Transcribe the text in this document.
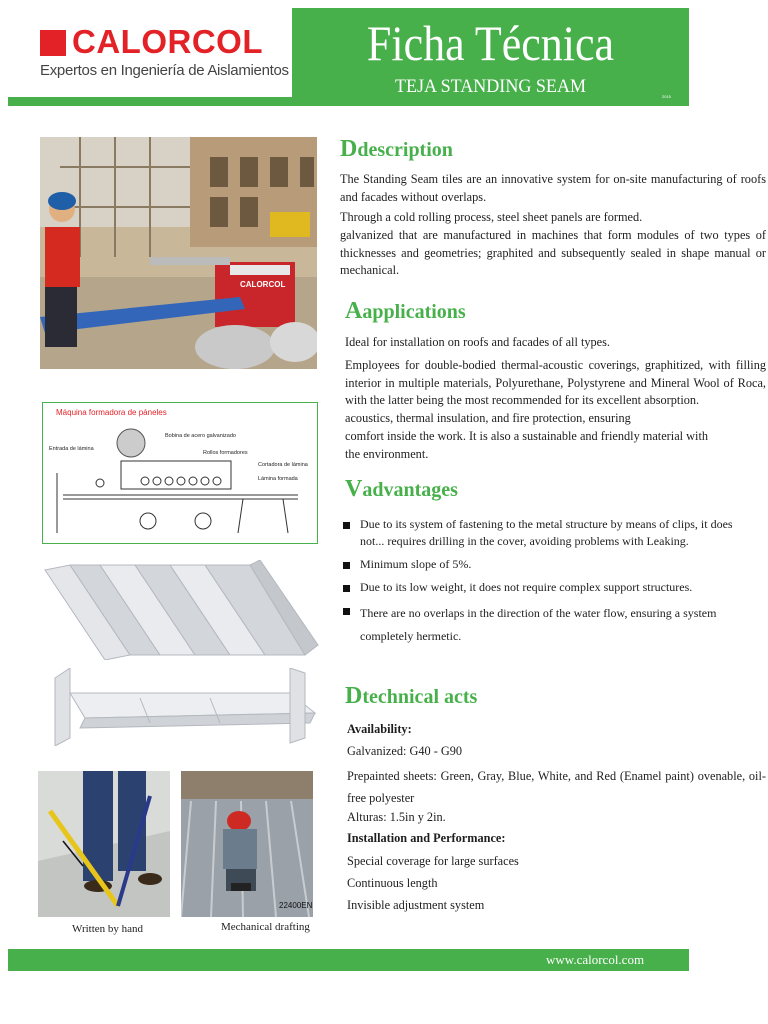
CALORCOL
Expertos en Ingeniería de Aislamientos	Ficha Técnica
TEJA STANDING SEAM	2015
CALORCOL
Máquina formadora de páneles
Bobina de acero galvanizado
Entrada de lámina
Rollos formadores
Cortadora de lámina
Lámina formada
Written by hand
22400EN
Mechanical drafting
Ddescription
The Standing Seam tiles are an innovative system for on-site manufacturing of roofs and facades without overlaps.
Through a cold rolling process, steel sheet panels are formed.
galvanized that are manufactured in machines that form modules of two types of thicknesses and geometries; graphited and subsequently sealed in shape manual or mechanical.
Aapplications
Ideal for installation on roofs and facades of all types.
Employees for double-bodied thermal-acoustic coverings, graphitized, with filling interior in multiple materials, Polyurethane, Polystyrene and Mineral Wool of Roca, with the latter being the most recommended for its excellent absorption.
acoustics, thermal insulation, and fire protection, ensuring
comfort inside the work. It is also a sustainable and friendly material with
the environment.
Vadvantages
Due to its system of fastening to the metal structure by means of clips, it does not... requires drilling in the cover, avoiding problems with Leaking.
Minimum slope of 5%.
Due to its low weight, it does not require complex support structures.
There are no overlaps in the direction of the water flow, ensuring a system completely hermetic.
Dtechnical acts
Availability:
Galvanized: G40 - G90
Prepainted sheets: Green, Gray, Blue, White, and Red (Enamel paint) ovenable, oil-free polyester
Alturas: 1.5in y 2in.
Installation and Performance:
Special coverage for large surfaces
Continuous length
Invisible adjustment system
www.calorcol.com
